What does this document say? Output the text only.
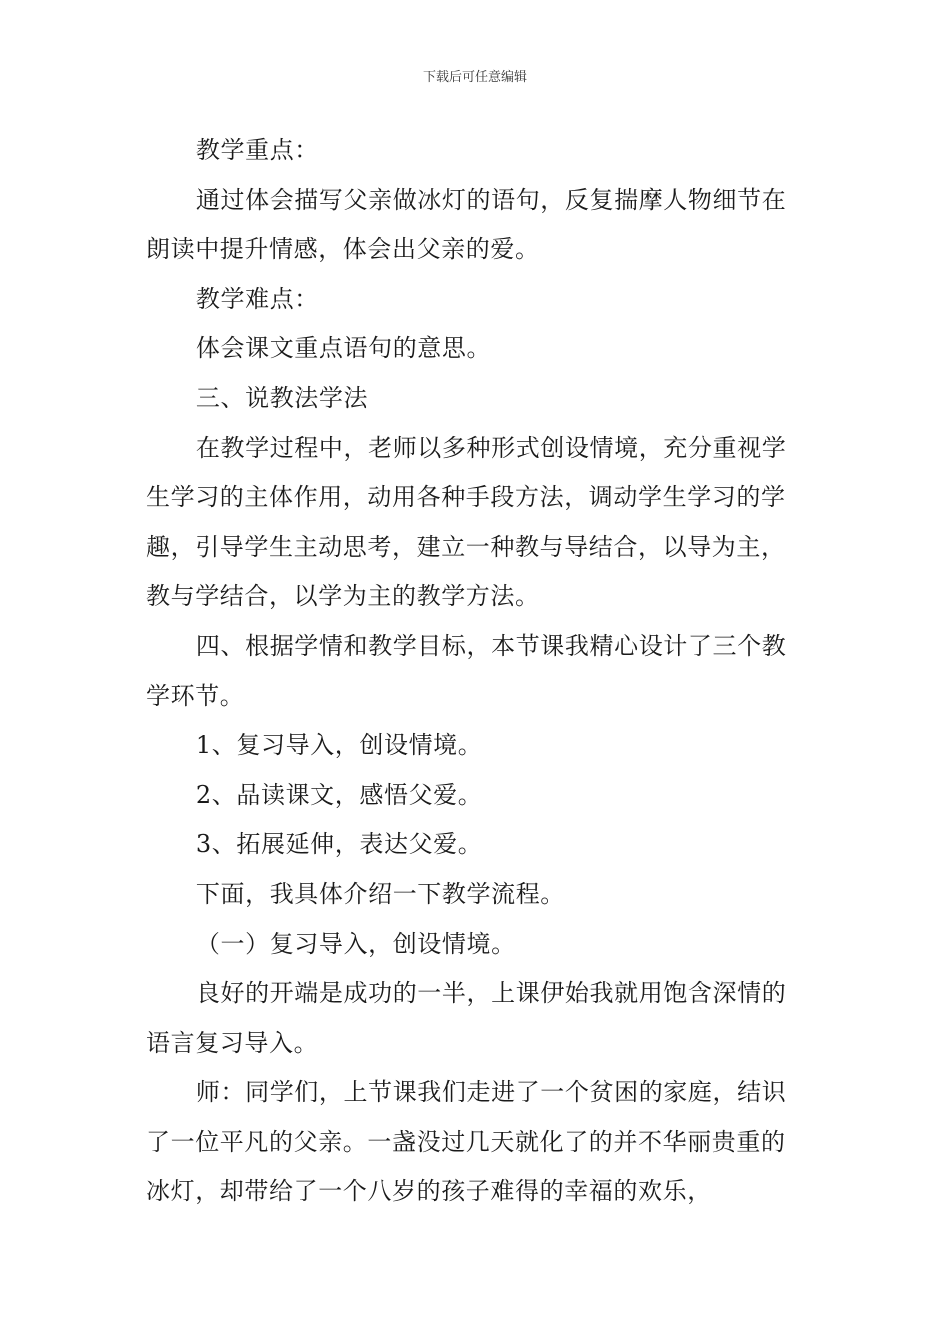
下载后可任意编辑

教学重点：

通过体会描写父亲做冰灯的语句，反复揣摩人物细节在朗读中提升情感，体会出父亲的爱。

教学难点：

体会课文重点语句的意思。

三、说教法学法

在教学过程中，老师以多种形式创设情境，充分重视学生学习的主体作用，动用各种手段方法，调动学生学习的学趣，引导学生主动思考，建立一种教与导结合，以导为主，教与学结合，以学为主的教学方法。

四、根据学情和教学目标，本节课我精心设计了三个教学环节。

1、复习导入，创设情境。

2、品读课文，感悟父爱。

3、拓展延伸，表达父爱。

下面，我具体介绍一下教学流程。

（一）复习导入，创设情境。

良好的开端是成功的一半，上课伊始我就用饱含深情的语言复习导入。

师：同学们，上节课我们走进了一个贫困的家庭，结识了一位平凡的父亲。一盏没过几天就化了的并不华丽贵重的冰灯，却带给了一个八岁的孩子难得的幸福的欢乐，
